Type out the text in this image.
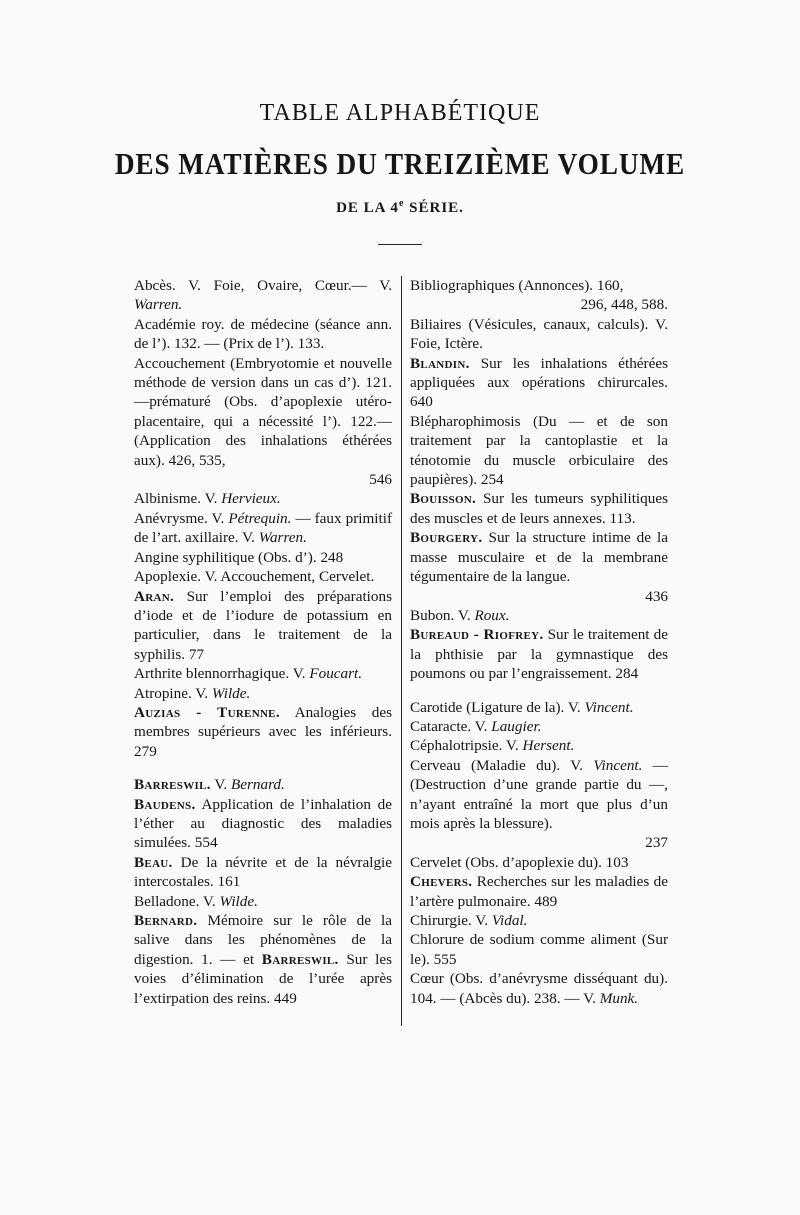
TABLE ALPHABÉTIQUE
DES MATIÈRES DU TREIZIÈME VOLUME
DE LA 4e SÉRIE.

Abcès. V. Foie, Ovaire, Cœur.— V. Warren.

Académie roy. de médecine (séance ann. de l’). 132. — (Prix de l’). 133.

Accouchement (Embryotomie et nouvelle méthode de version dans un cas d’). 121.—prématuré (Obs. d’apoplexie utéro-placentaire, qui a nécessité l’). 122.—(Application des inhalations éthérées aux). 426, 535,
546

Albinisme. V. Hervieux.

Anévrysme. V. Pétrequin. — faux primitif de l’art. axillaire. V. Warren.

Angine syphilitique (Obs. d’). 248

Apoplexie. V. Accouchement, Cervelet.

Aran. Sur l’emploi des préparations d’iode et de l’iodure de potassium en particulier, dans le traitement de la syphilis. 77

Arthrite blennorrhagique. V. Foucart.

Atropine. V. Wilde.

Auzias - Turenne. Analogies des membres supérieurs avec les inférieurs. 279

Barreswil. V. Bernard.

Baudens. Application de l’inhalation de l’éther au diagnostic des maladies simulées. 554

Beau. De la névrite et de la névralgie intercostales. 161

Belladone. V. Wilde.

Bernard. Mémoire sur le rôle de la salive dans les phénomènes de la digestion. 1. — et Barreswil. Sur les voies d’élimination de l’urée après l’extirpation des reins. 449

Bibliographiques (Annonces). 160,
296, 448, 588.

Biliaires (Vésicules, canaux, calculs). V. Foie, Ictère.

Blandin. Sur les inhalations éthérées appliquées aux opérations chirurcales. 640

Blépharophimosis (Du — et de son traitement par la cantoplastie et la ténotomie du muscle orbiculaire des paupières). 254

Bouisson. Sur les tumeurs syphilitiques des muscles et de leurs annexes. 113.

Bourgery. Sur la structure intime de la masse musculaire et de la membrane tégumentaire de la langue.
436

Bubon. V. Roux.

Bureaud - Riofrey. Sur le traitement de la phthisie par la gymnastique des poumons ou par l’engraissement. 284

Carotide (Ligature de la). V. Vincent.

Cataracte. V. Laugier.

Céphalotripsie. V. Hersent.

Cerveau (Maladie du). V. Vincent. — (Destruction d’une grande partie du —, n’ayant entraîné la mort que plus d’un mois après la blessure).
237

Cervelet (Obs. d’apoplexie du). 103

Chevers. Recherches sur les maladies de l’artère pulmonaire. 489

Chirurgie. V. Vidal.

Chlorure de sodium comme aliment (Sur le). 555

Cœur (Obs. d’anévrysme disséquant du). 104. — (Abcès du). 238. — V. Munk.
